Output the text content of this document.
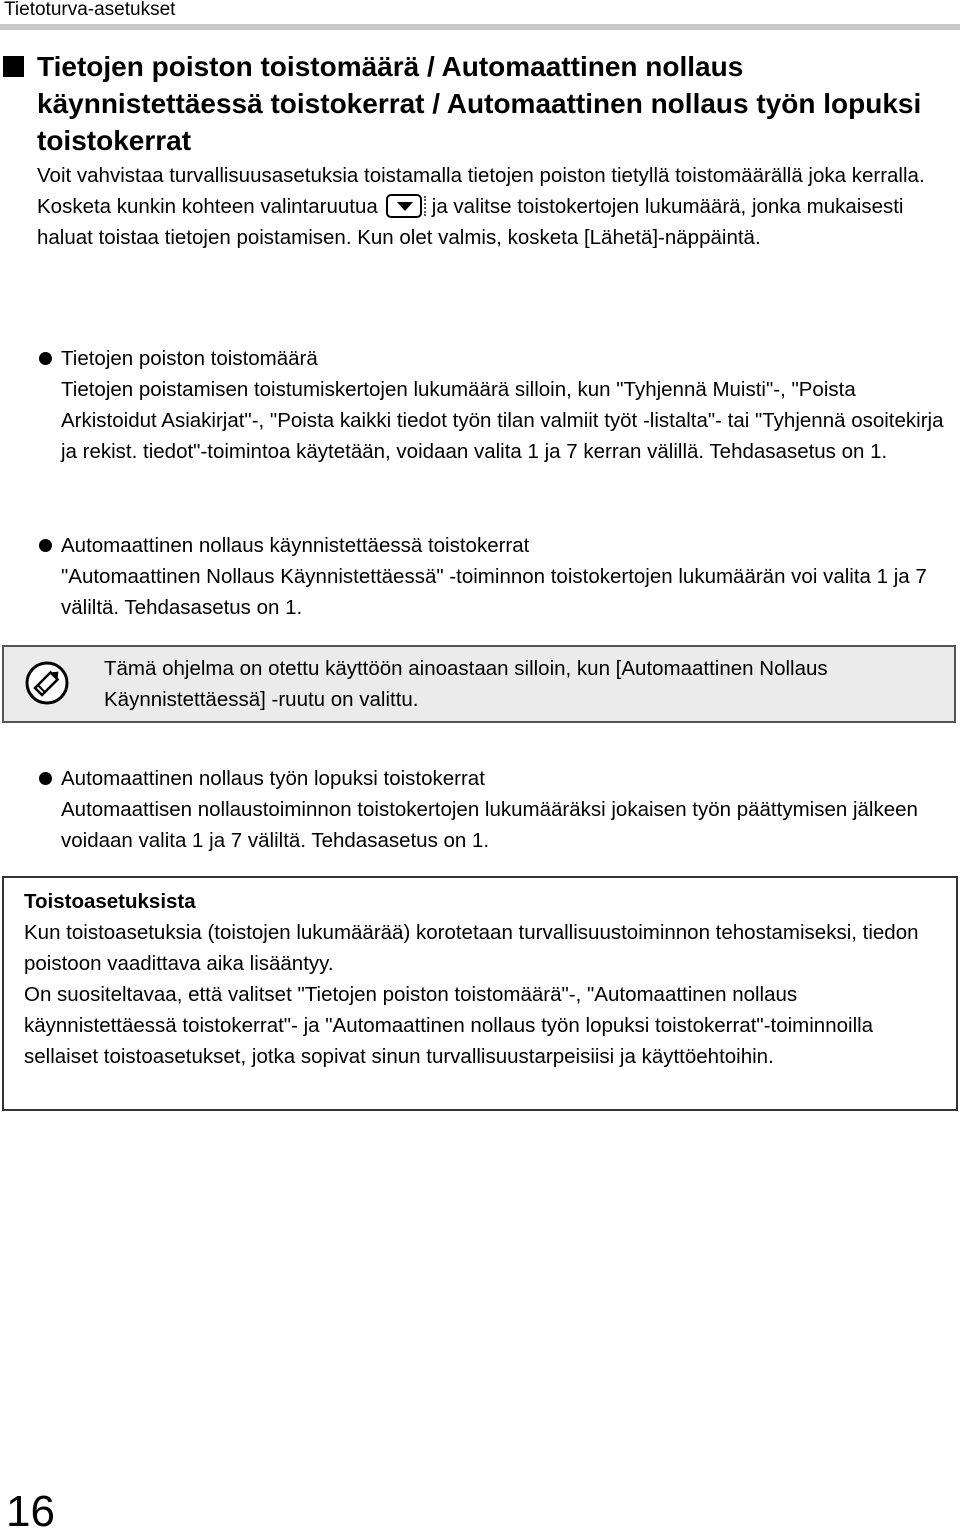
Tietoturva-asetukset
Tietojen poiston toistomäärä / Automaattinen nollaus käynnistettäessä toistokerrat / Automaattinen nollaus työn lopuksi toistokerrat

Voit vahvistaa turvallisuusasetuksia toistamalla tietojen poiston tietyllä toistomäärällä joka kerralla.

Kosketa kunkin kohteen valintaruutua	ja valitse toistokertojen lukumäärä, jonka mukaisesti haluat toistaa tietojen poistamisen. Kun olet valmis, kosketa [Lähetä]-näppäintä.

Tietojen poiston toistomäärä
Tietojen poistamisen toistumiskertojen lukumäärä silloin, kun "Tyhjennä Muisti"-, "Poista Arkistoidut Asiakirjat"-, "Poista kaikki tiedot työn tilan valmiit työt -listalta"- tai "Tyhjennä osoitekirja ja rekist. tiedot"-toimintoa käytetään, voidaan valita 1 ja 7 kerran välillä. Tehdasasetus on 1.
Automaattinen nollaus käynnistettäessä toistokerrat
"Automaattinen Nollaus Käynnistettäessä" -toiminnon toistokertojen lukumäärän voi valita 1 ja 7 väliltä. Tehdasasetus on 1.
Tämä ohjelma on otettu käyttöön ainoastaan silloin, kun [Automaattinen Nollaus Käynnistettäessä] -ruutu on valittu.
Automaattinen nollaus työn lopuksi toistokerrat
Automaattisen nollaustoiminnon toistokertojen lukumääräksi jokaisen työn päättymisen jälkeen voidaan valita 1 ja 7 väliltä. Tehdasasetus on 1.
Toistoasetuksista
Kun toistoasetuksia (toistojen lukumäärää) korotetaan turvallisuustoiminnon tehostamiseksi, tiedon poistoon vaadittava aika lisääntyy.
On suositeltavaa, että valitset "Tietojen poiston toistomäärä"-, "Automaattinen nollaus käynnistettäessä toistokerrat"- ja "Automaattinen nollaus työn lopuksi toistokerrat"-toiminnoilla sellaiset toistoasetukset, jotka sopivat sinun turvallisuustarpeisiisi ja käyttöehtoihin.
16
